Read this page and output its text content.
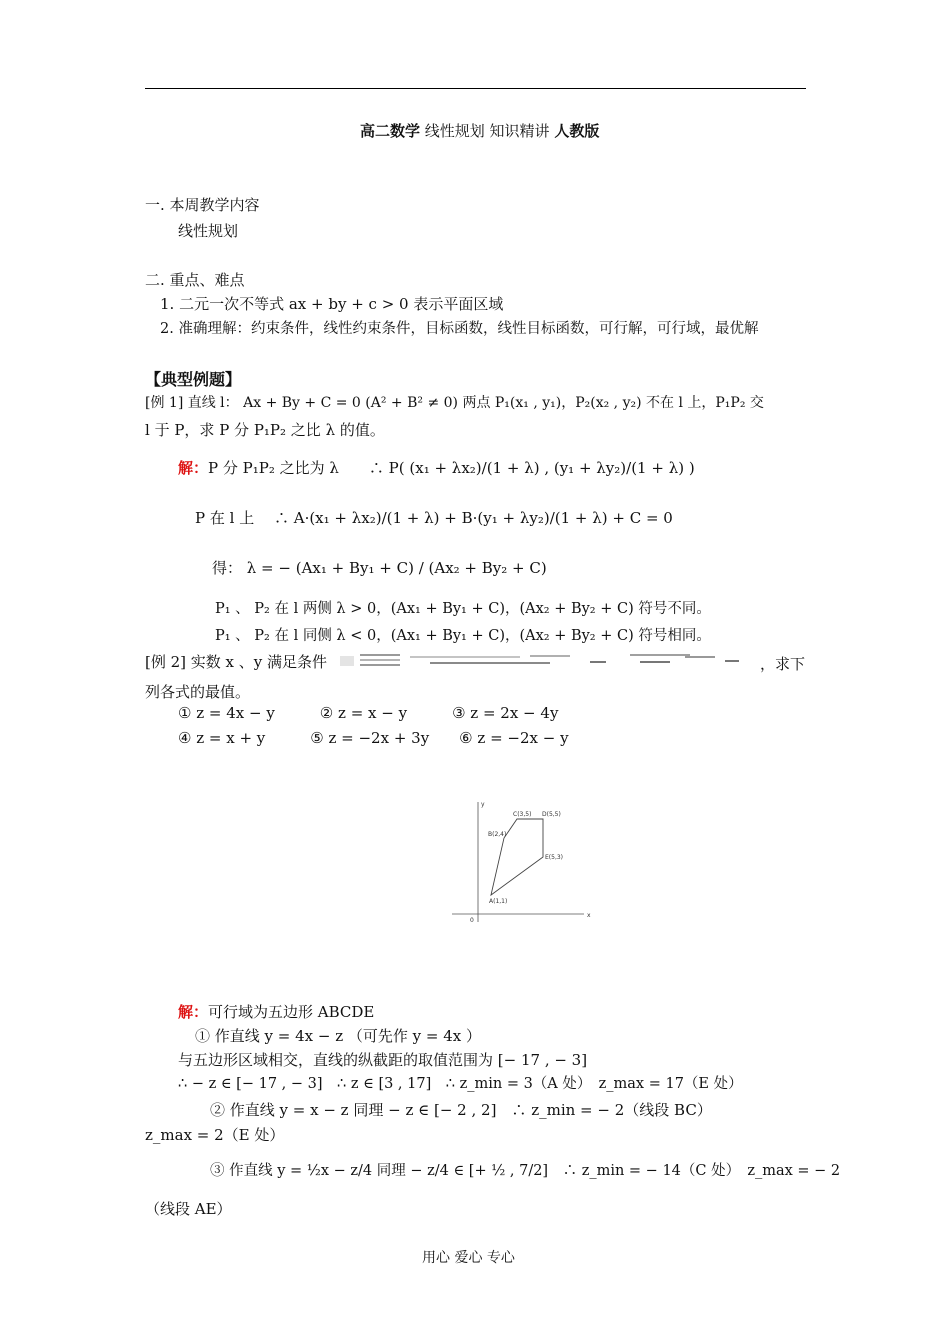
高二数学 线性规划 知识精讲 人教版
一. 本周教学内容
线性规划
二. 重点、难点
1. 二元一次不等式 ax + by + c > 0 表示平面区域
2. 准确理解：约束条件，线性约束条件，目标函数，线性目标函数，可行解，可行域，最优解
【典型例题】
[例 1] 直线 l： Ax + By + C = 0 (A² + B² ≠ 0) 两点 P₁(x₁ , y₁)，P₂(x₂ , y₂) 不在 l 上，P₁P₂ 交
l 于 P，求 P 分 P₁P₂ 之比 λ 的值。
解：P 分 P₁P₂ 之比为 λ　　∴ P( (x₁ + λx₂)/(1 + λ) , (y₁ + λy₂)/(1 + λ) )
P 在 l 上　 ∴ A·(x₁ + λx₂)/(1 + λ) + B·(y₁ + λy₂)/(1 + λ) + C = 0
得： λ = − (Ax₁ + By₁ + C) / (Ax₂ + By₂ + C)
P₁ 、 P₂ 在 l 两侧 λ > 0，(Ax₁ + By₁ + C)，(Ax₂ + By₂ + C) 符号不同。
P₁ 、 P₂ 在 l 同侧 λ < 0，(Ax₁ + By₁ + C)，(Ax₂ + By₂ + C) 符号相同。
[例 2] 实数 x 、y 满足条件	，求下
列各式的最值。
① z = 4x − y　　　② z = x − y　　　③ z = 2x − 4y
④ z = x + y　　　⑤ z = −2x + 3y　　⑥ z = −2x − y
x
y
0
A(1,1)
B(2,4)
C(3,5) D(5,5)
E(5,3)
解：可行域为五边形 ABCDE
① 作直线 y = 4x − z （可先作 y = 4x ）
与五边形区域相交，直线的纵截距的取值范围为 [− 17 , − 3]
∴ − z ∈ [− 17 , − 3]　∴ z ∈ [3 , 17]　∴ z_min = 3（A 处）　z_max = 17（E 处）
② 作直线 y = x − z 同理 − z ∈ [− 2 , 2]　∴ z_min = − 2（线段 BC）
z_max = 2（E 处）
③ 作直线 y = ½x − z/4 同理 − z/4 ∈ [+ ½ , 7/2]　∴ z_min = − 14（C 处）　z_max = − 2
（线段 AE）
用心 爱心 专心
